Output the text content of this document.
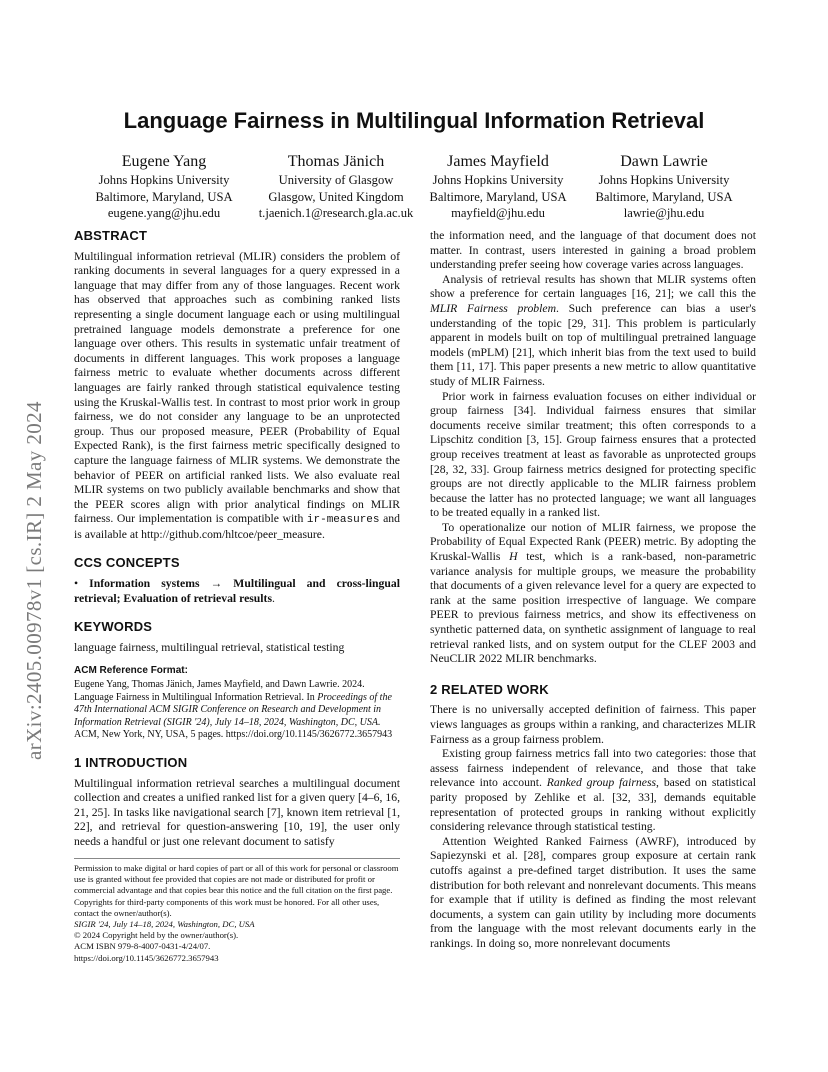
arXiv:2405.00978v1 [cs.IR] 2 May 2024
Language Fairness in Multilingual Information Retrieval
Eugene Yang
Johns Hopkins University
Baltimore, Maryland, USA
eugene.yang@jhu.edu
Thomas Jänich
University of Glasgow
Glasgow, United Kingdom
t.jaenich.1@research.gla.ac.uk
James Mayfield
Johns Hopkins University
Baltimore, Maryland, USA
mayfield@jhu.edu
Dawn Lawrie
Johns Hopkins University
Baltimore, Maryland, USA
lawrie@jhu.edu
ABSTRACT

Multilingual information retrieval (MLIR) considers the problem of ranking documents in several languages for a query expressed in a language that may differ from any of those languages. Recent work has observed that approaches such as combining ranked lists representing a single document language each or using multilingual pretrained language models demonstrate a preference for one language over others. This results in systematic unfair treatment of documents in different languages. This work proposes a language fairness metric to evaluate whether documents across different languages are fairly ranked through statistical equivalence testing using the Kruskal-Wallis test. In contrast to most prior work in group fairness, we do not consider any language to be an unprotected group. Thus our proposed measure, PEER (Probability of Equal Expected Rank), is the first fairness metric specifically designed to capture the language fairness of MLIR systems. We demonstrate the behavior of PEER on artificial ranked lists. We also evaluate real MLIR systems on two publicly available benchmarks and show that the PEER scores align with prior analytical findings on MLIR fairness. Our implementation is compatible with ir-measures and is available at http://github.com/hltcoe/peer_measure.

CCS CONCEPTS

• Information systems → Multilingual and cross-lingual retrieval; Evaluation of retrieval results.

KEYWORDS

language fairness, multilingual retrieval, statistical testing

ACM Reference Format:

Eugene Yang, Thomas Jänich, James Mayfield, and Dawn Lawrie. 2024. Language Fairness in Multilingual Information Retrieval. In Proceedings of the 47th International ACM SIGIR Conference on Research and Development in Information Retrieval (SIGIR '24), July 14–18, 2024, Washington, DC, USA. ACM, New York, NY, USA, 5 pages. https://doi.org/10.1145/3626772.3657943

1 INTRODUCTION

Multilingual information retrieval searches a multilingual document collection and creates a unified ranked list for a given query [4–6, 16, 21, 25]. In tasks like navigational search [7], known item retrieval [1, 22], and retrieval for question-answering [10, 19], the user only needs a handful or just one relevant document to satisfy

Permission to make digital or hard copies of part or all of this work for personal or classroom use is granted without fee provided that copies are not made or distributed for profit or commercial advantage and that copies bear this notice and the full citation on the first page. Copyrights for third-party components of this work must be honored. For all other uses, contact the owner/author(s).
SIGIR '24, July 14–18, 2024, Washington, DC, USA
© 2024 Copyright held by the owner/author(s).
ACM ISBN 979-8-4007-0431-4/24/07.
https://doi.org/10.1145/3626772.3657943

the information need, and the language of that document does not matter. In contrast, users interested in gaining a broad problem understanding prefer seeing how coverage varies across languages.

Analysis of retrieval results has shown that MLIR systems often show a preference for certain languages [16, 21]; we call this the MLIR Fairness problem. Such preference can bias a user's understanding of the topic [29, 31]. This problem is particularly apparent in models built on top of multilingual pretrained language models (mPLM) [21], which inherit bias from the text used to build them [11, 17]. This paper presents a new metric to allow quantitative study of MLIR Fairness.

Prior work in fairness evaluation focuses on either individual or group fairness [34]. Individual fairness ensures that similar documents receive similar treatment; this often corresponds to a Lipschitz condition [3, 15]. Group fairness ensures that a protected group receives treatment at least as favorable as unprotected groups [28, 32, 33]. Group fairness metrics designed for protecting specific groups are not directly applicable to the MLIR fairness problem because the latter has no protected language; we want all languages to be treated equally in a ranked list.

To operationalize our notion of MLIR fairness, we propose the Probability of Equal Expected Rank (PEER) metric. By adopting the Kruskal-Wallis H test, which is a rank-based, non-parametric variance analysis for multiple groups, we measure the probability that documents of a given relevance level for a query are expected to rank at the same position irrespective of language. We compare PEER to previous fairness metrics, and show its effectiveness on synthetic patterned data, on synthetic assignment of language to real retrieval ranked lists, and on system output for the CLEF 2003 and NeuCLIR 2022 MLIR benchmarks.

2 RELATED WORK

There is no universally accepted definition of fairness. This paper views languages as groups within a ranking, and characterizes MLIR Fairness as a group fairness problem.

Existing group fairness metrics fall into two categories: those that assess fairness independent of relevance, and those that take relevance into account. Ranked group fairness, based on statistical parity proposed by Zehlike et al. [32, 33], demands equitable representation of protected groups in ranking without explicitly considering relevance through statistical testing.

Attention Weighted Ranked Fairness (AWRF), introduced by Sapiezynski et al. [28], compares group exposure at certain rank cutoffs against a pre-defined target distribution. It uses the same distribution for both relevant and nonrelevant documents. This means for example that if utility is defined as finding the most relevant documents, a system can gain utility by including more documents from the language with the most relevant documents early in the rankings. In doing so, more nonrelevant documents
